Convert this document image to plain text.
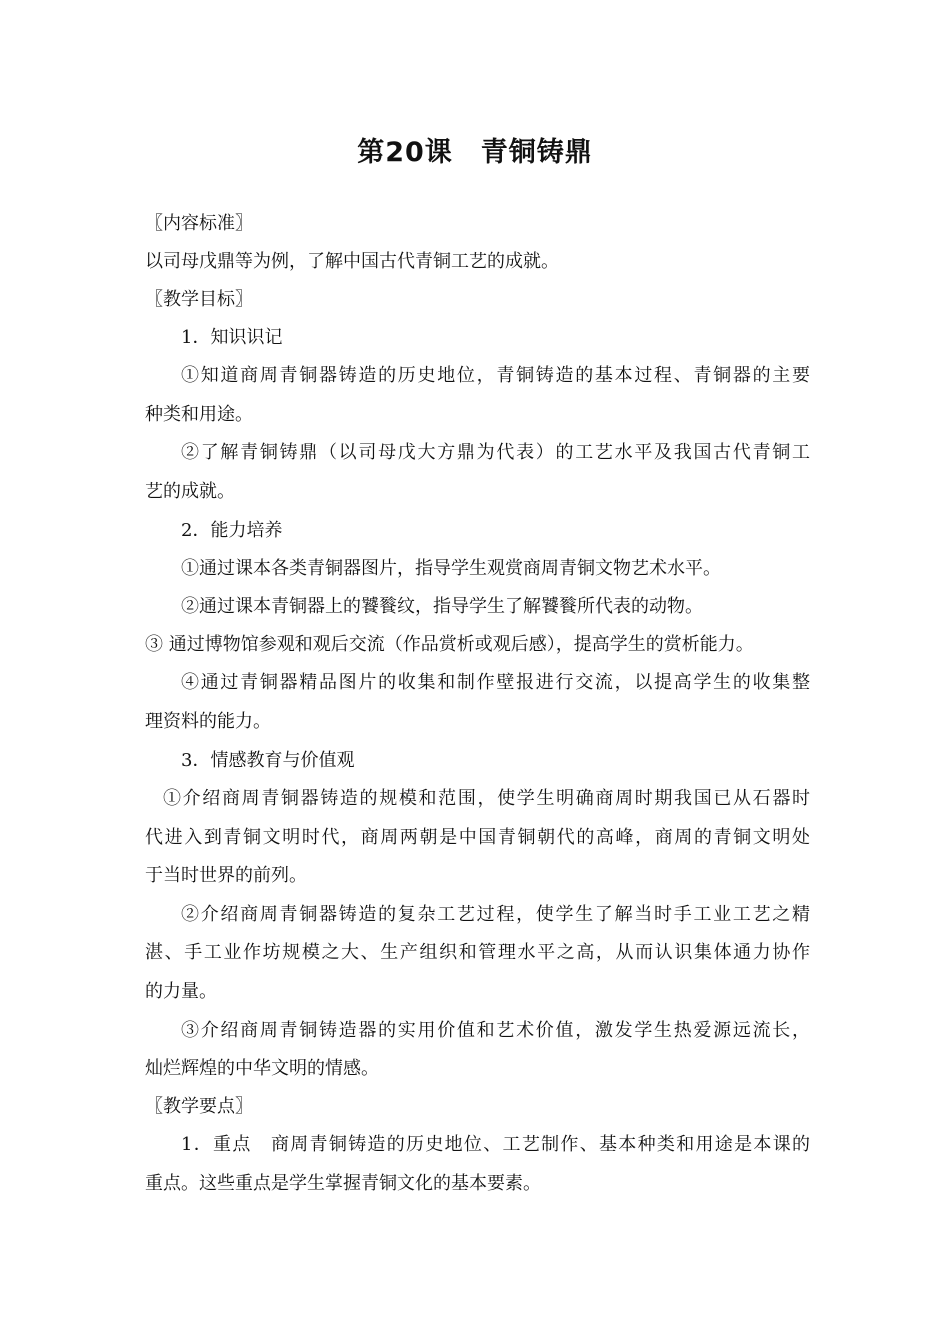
第20课　青铜铸鼎
〖内容标准〗
以司母戊鼎等为例，了解中国古代青铜工艺的成就。
〖教学目标〗
1．知识识记
①知道商周青铜器铸造的历史地位，青铜铸造的基本过程、青铜器的主要
种类和用途。
②了解青铜铸鼎（以司母戊大方鼎为代表）的工艺水平及我国古代青铜工
艺的成就。
2．能力培养
①通过课本各类青铜器图片，指导学生观赏商周青铜文物艺术水平。
②通过课本青铜器上的饕餮纹，指导学生了解饕餮所代表的动物。
③ 通过博物馆参观和观后交流（作品赏析或观后感），提高学生的赏析能力。
④通过青铜器精品图片的收集和制作壁报进行交流，以提高学生的收集整
理资料的能力。
3．情感教育与价值观
①介绍商周青铜器铸造的规模和范围，使学生明确商周时期我国已从石器时
代进入到青铜文明时代，商周两朝是中国青铜朝代的高峰，商周的青铜文明处
于当时世界的前列。
②介绍商周青铜器铸造的复杂工艺过程，使学生了解当时手工业工艺之精
湛、手工业作坊规模之大、生产组织和管理水平之高，从而认识集体通力协作
的力量。
③介绍商周青铜铸造器的实用价值和艺术价值，激发学生热爱源远流长，
灿烂辉煌的中华文明的情感。
〖教学要点〗
1．重点　商周青铜铸造的历史地位、工艺制作、基本种类和用途是本课的
重点。这些重点是学生掌握青铜文化的基本要素。
